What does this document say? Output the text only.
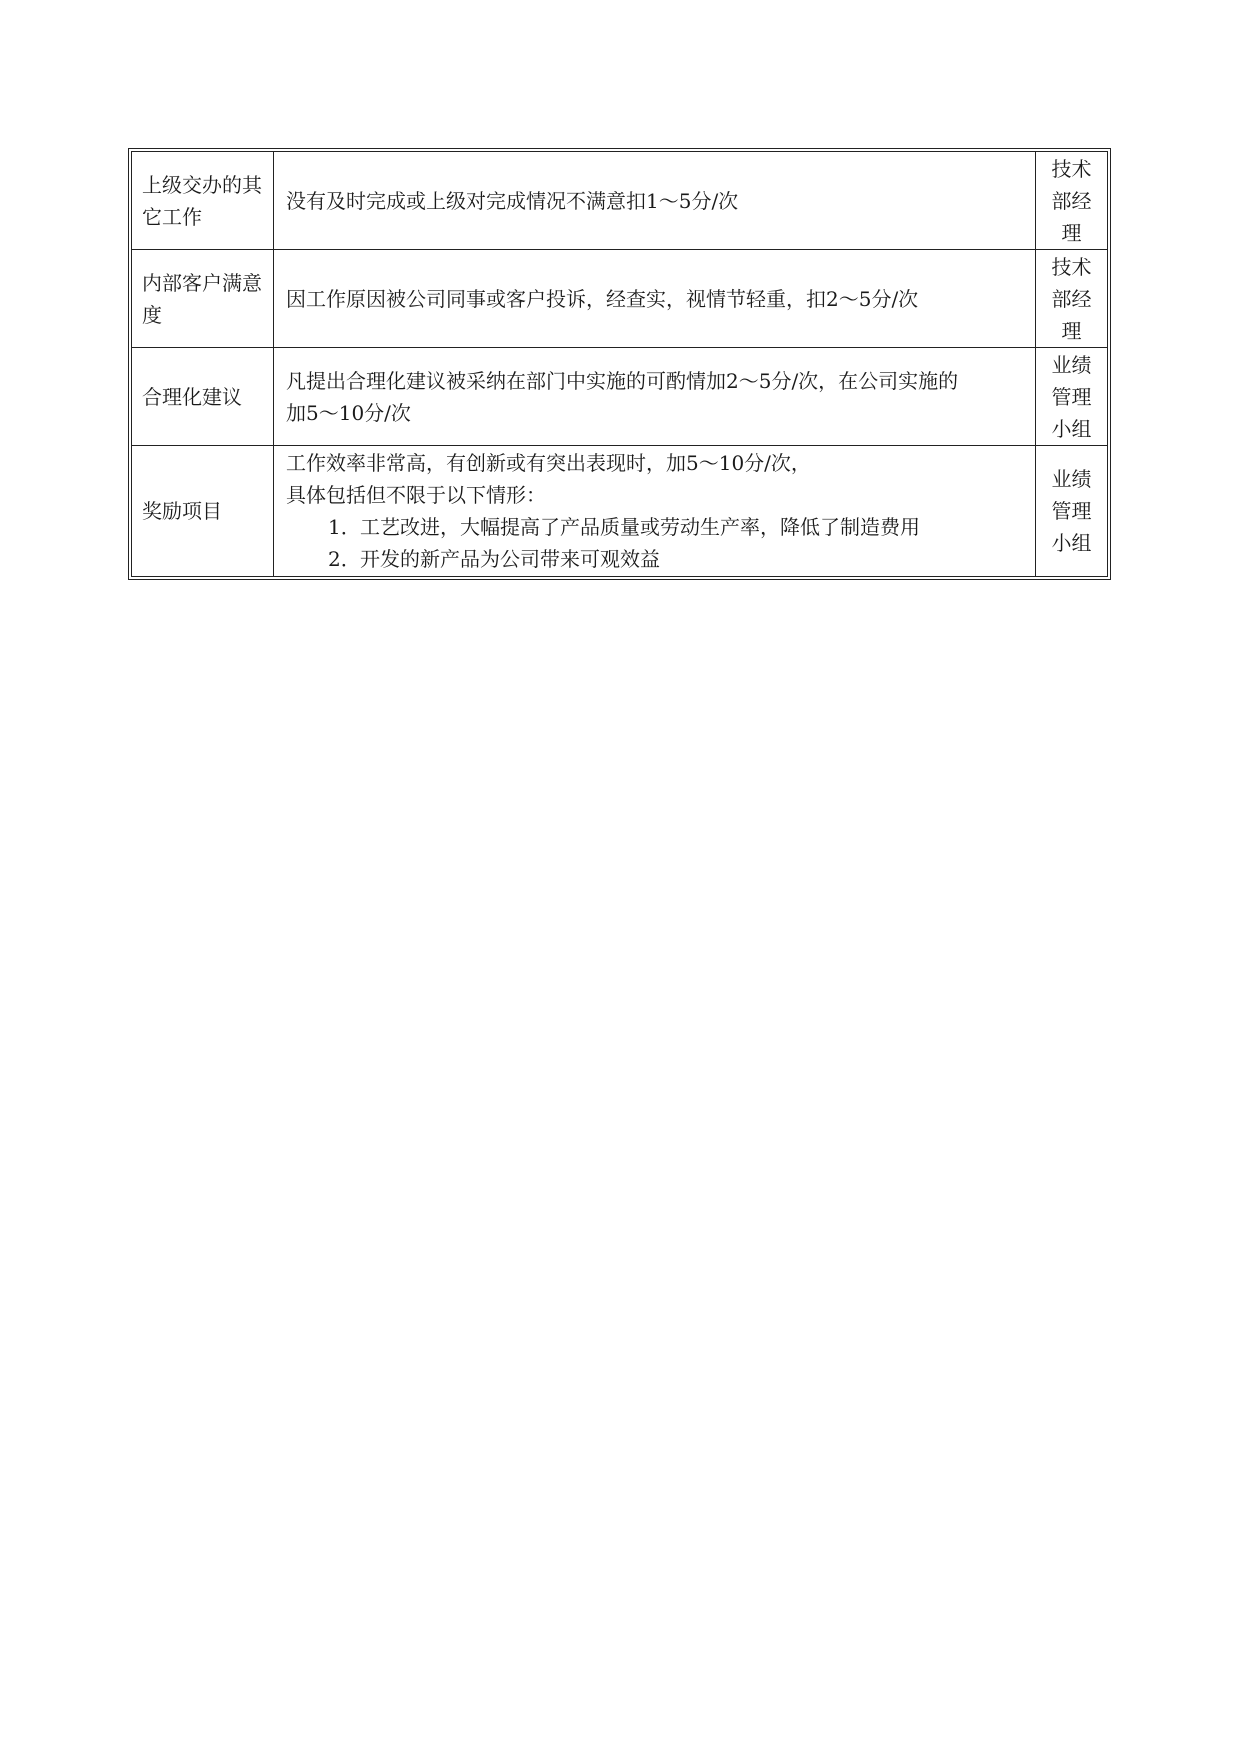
上级交办的其它工作	没有及时完成或上级对完成情况不满意扣1～5分/次	技术
部经
理

内部客户满意度	因工作原因被公司同事或客户投诉，经查实，视情节轻重，扣2～5分/次	技术
部经
理

合理化建议	凡提出合理化建议被采纳在部门中实施的可酌情加2～5分/次，在公司实施的
加5～10分/次	业绩
管理
小组

奖励项目	工作效率非常高，有创新或有突出表现时，加5～10分/次，
具体包括但不限于以下情形：
1．工艺改进，大幅提高了产品质量或劳动生产率，降低了制造费用
2．开发的新产品为公司带来可观效益	业绩
管理
小组
